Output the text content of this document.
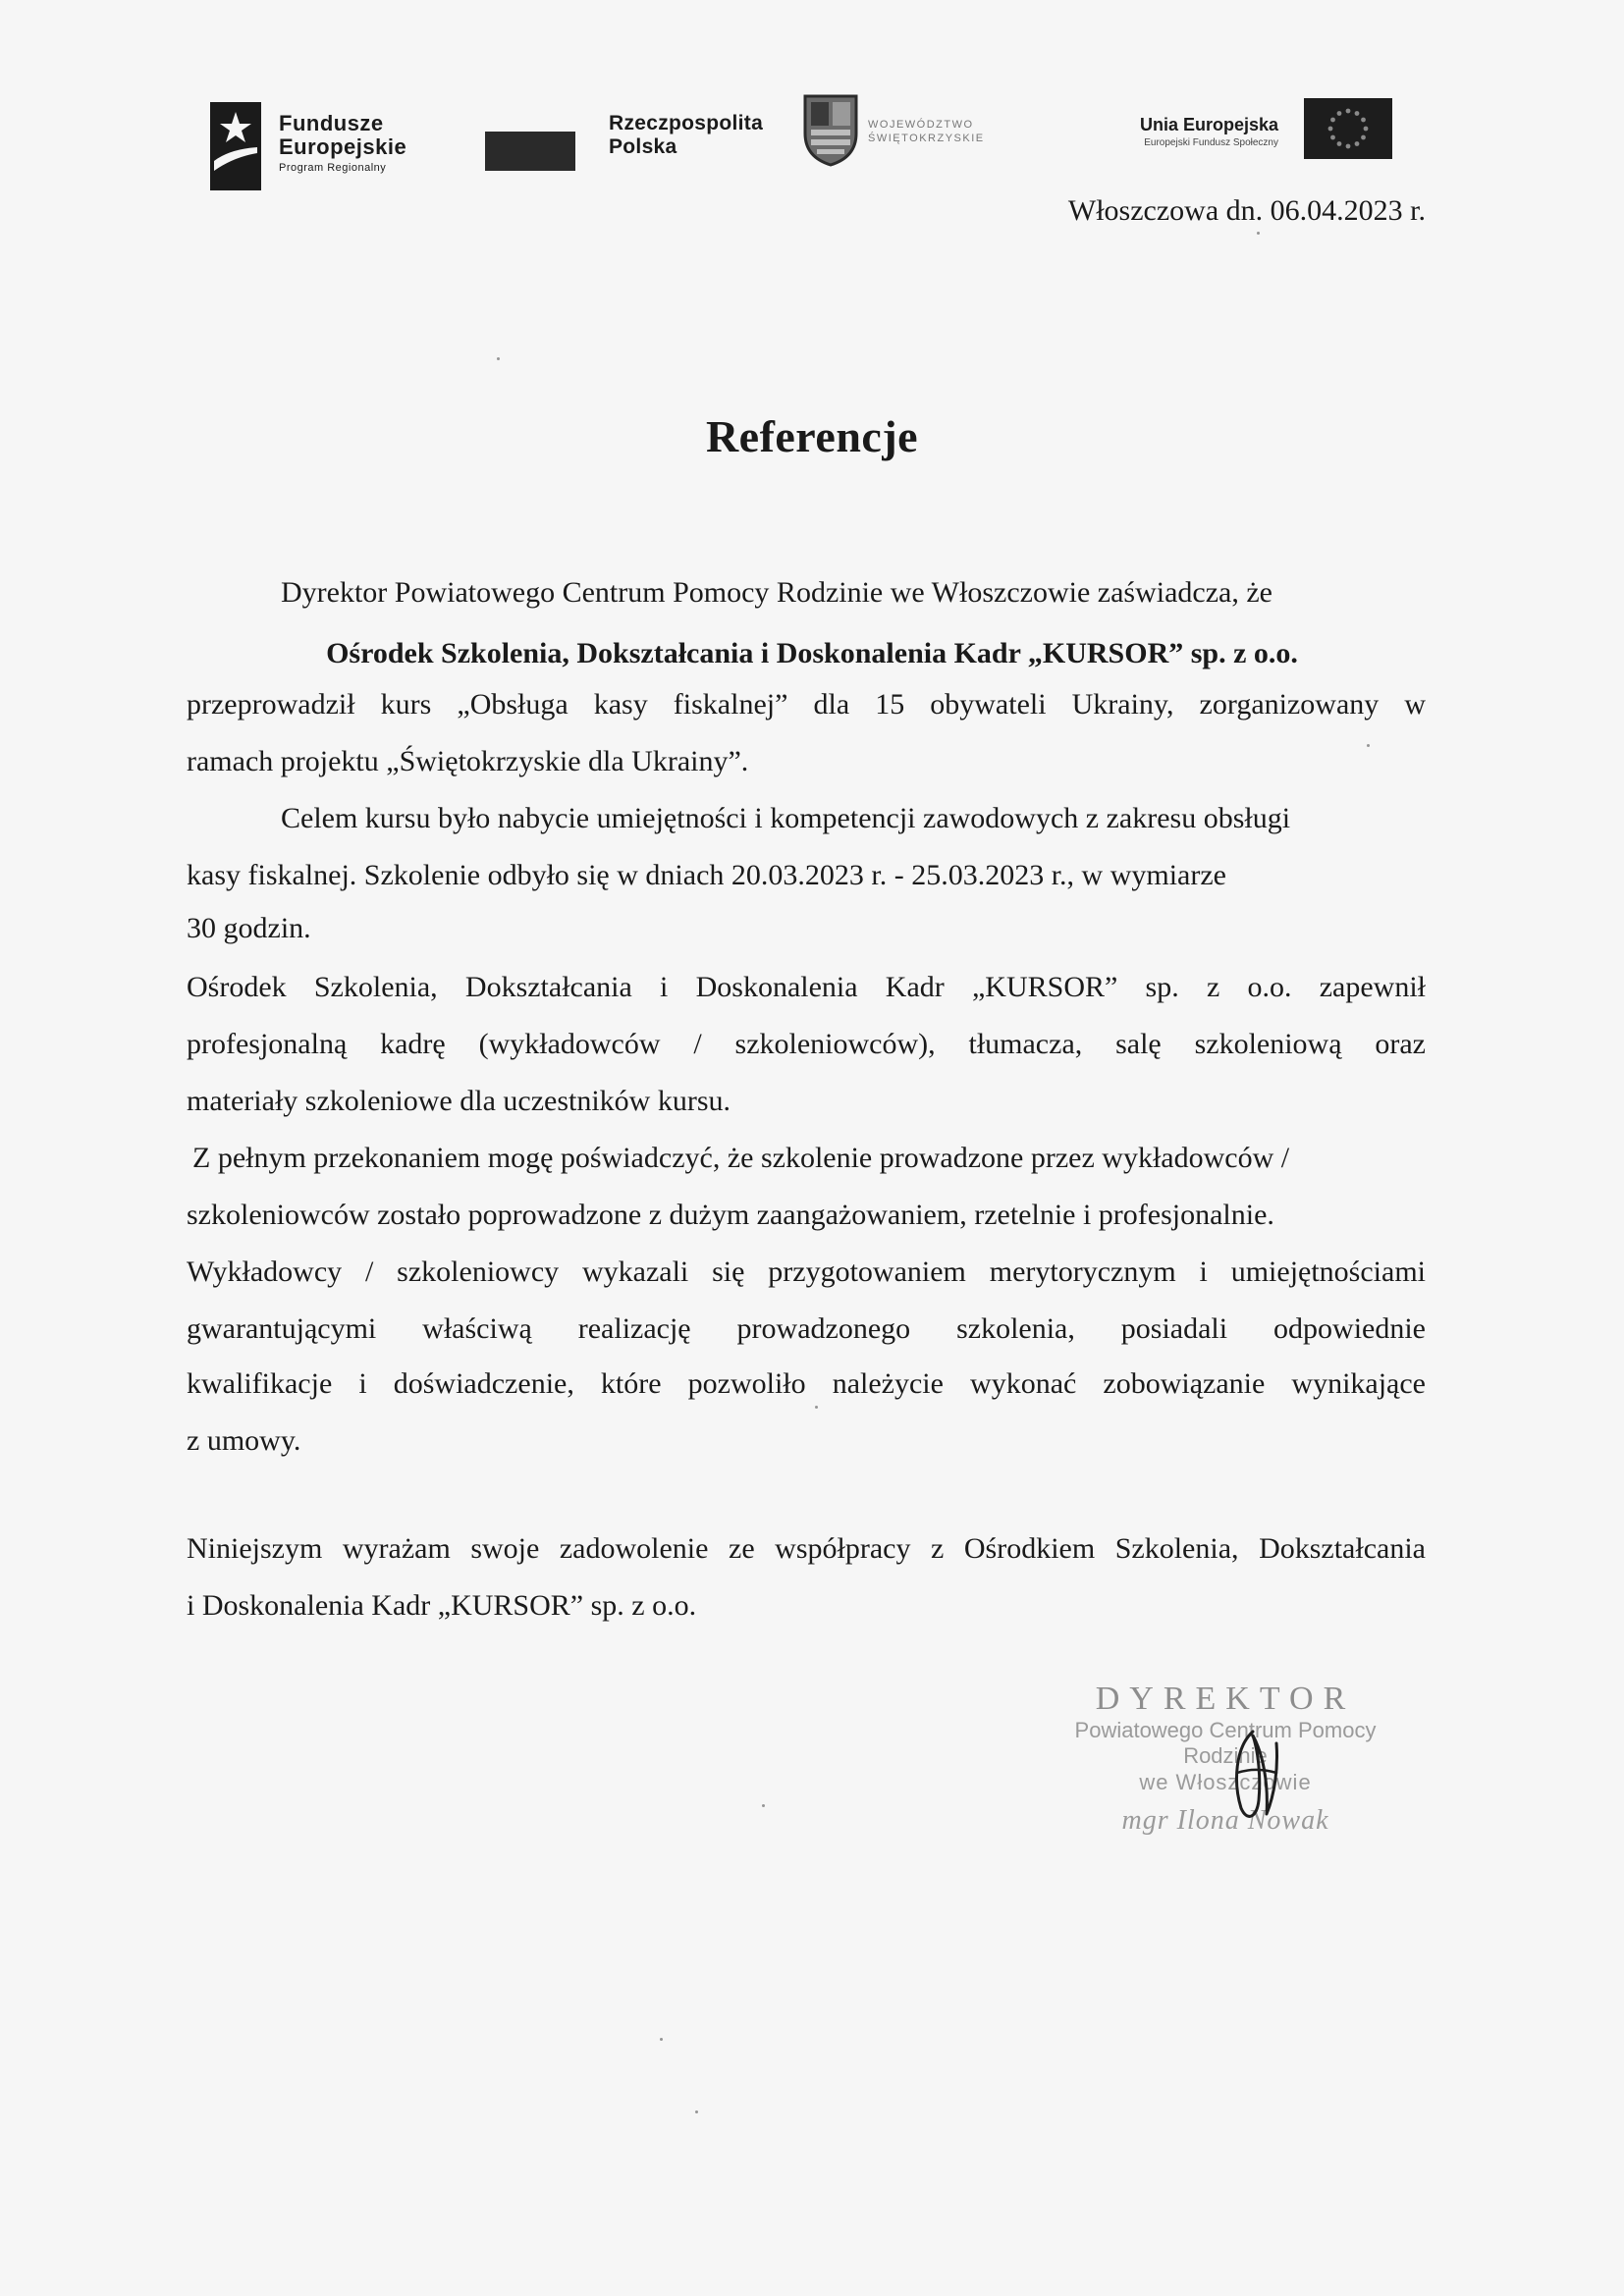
Fundusze
Europejskie
Program Regionalny
Rzeczpospolita
Polska
WOJEWÓDZTWO
ŚWIĘTOKRZYSKIE
Unia Europejska
Europejski Fundusz Społeczny
Włoszczowa dn. 06.04.2023 r.
Referencje
Dyrektor Powiatowego Centrum Pomocy Rodzinie we Włoszczowie zaświadcza, że
Ośrodek Szkolenia, Dokształcania i Doskonalenia Kadr „KURSOR” sp. z o.o.
przeprowadził kurs „Obsługa kasy fiskalnej” dla 15 obywateli Ukrainy, zorganizowany w
ramach projektu „Świętokrzyskie dla Ukrainy”.
Celem kursu było nabycie umiejętności i kompetencji zawodowych z zakresu obsługi
kasy fiskalnej. Szkolenie odbyło się w dniach 20.03.2023 r. - 25.03.2023 r., w wymiarze
30 godzin.
Ośrodek Szkolenia, Dokształcania i Doskonalenia Kadr „KURSOR” sp. z o.o. zapewnił
profesjonalną kadrę (wykładowców / szkoleniowców), tłumacza, salę szkoleniową oraz
materiały szkoleniowe dla uczestników kursu.
Z pełnym przekonaniem mogę poświadczyć, że szkolenie prowadzone przez wykładowców /
szkoleniowców zostało poprowadzone z dużym zaangażowaniem, rzetelnie i profesjonalnie.
Wykładowcy / szkoleniowcy wykazali się przygotowaniem merytorycznym i umiejętnościami
gwarantującymi właściwą realizację prowadzonego szkolenia, posiadali odpowiednie
kwalifikacje i doświadczenie, które pozwoliło należycie wykonać zobowiązanie wynikające
z umowy.
Niniejszym wyrażam swoje zadowolenie ze współpracy z Ośrodkiem Szkolenia, Dokształcania
i Doskonalenia Kadr „KURSOR” sp. z o.o.
DYREKTOR
Powiatowego Centrum Pomocy Rodzinie
we Włoszczowie
mgr Ilona Nowak
